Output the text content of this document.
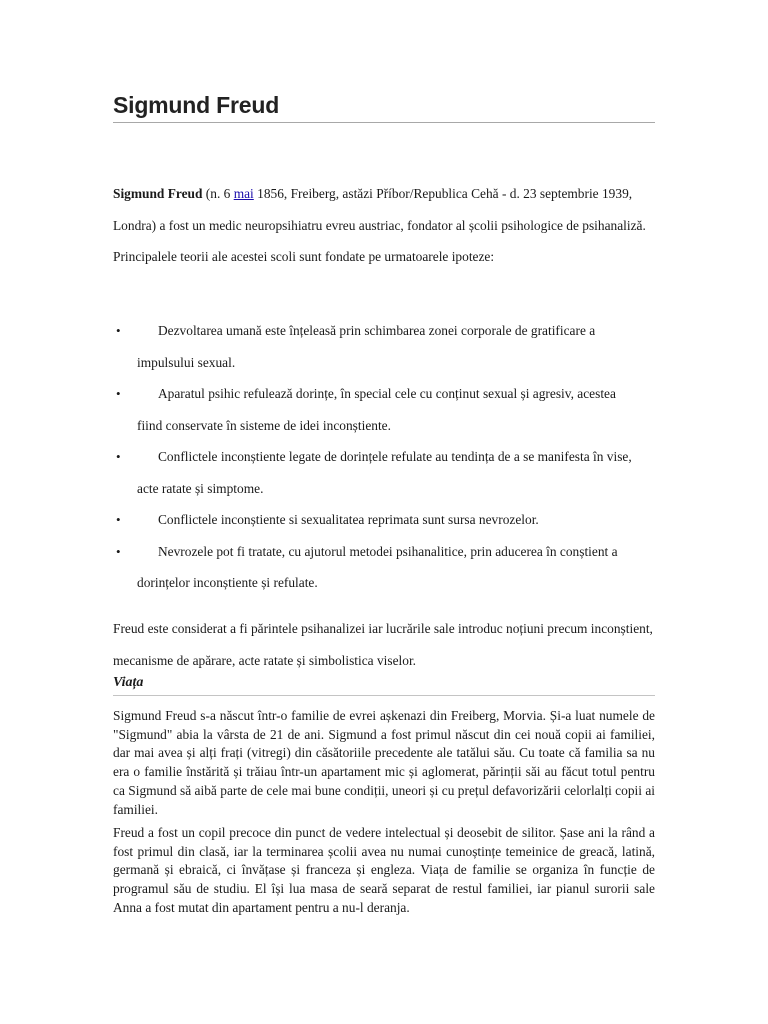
Sigmund Freud

Sigmund Freud (n. 6 mai 1856, Freiberg, astăzi Příbor/Republica Cehă - d. 23 septembrie 1939, Londra) a fost un medic neuropsihiatru evreu austriac, fondator al școlii psihologice de psihanaliză. Principalele teorii ale acestei scoli sunt fondate pe urmatoarele ipoteze:

•	Dezvoltarea umană este înțeleasă prin schimbarea zonei corporale de gratificare a
impulsului sexual.
•	Aparatul psihic refulează dorințe, în special cele cu conținut sexual și agresiv, acestea
fiind conservate în sisteme de idei inconștiente.
•	Conflictele inconștiente legate de dorințele refulate au tendința de a se manifesta în vise,
acte ratate și simptome.
•	Conflictele inconștiente si sexualitatea reprimata sunt sursa nevrozelor.
•	Nevrozele pot fi tratate, cu ajutorul metodei psihanalitice, prin aducerea în conștient a
dorințelor inconștiente și refulate.

Freud este considerat a fi părintele psihanalizei iar lucrările sale introduc noțiuni precum inconștient, mecanisme de apărare, acte ratate și simbolistica viselor.

Viața

Sigmund Freud s-a născut într-o familie de evrei așkenazi din Freiberg, Morvia. Și-a luat numele de "Sigmund" abia la vârsta de 21 de ani. Sigmund a fost primul născut din cei nouă copii ai familiei, dar mai avea și alți frați (vitregi) din căsătoriile precedente ale tatălui său. Cu toate că familia sa nu era o familie înstărită și trăiau într-un apartament mic și aglomerat, părinții săi au făcut totul pentru ca Sigmund să aibă parte de cele mai bune condiții, uneori și cu prețul defavorizării celorlalți copii ai familiei.

Freud a fost un copil precoce din punct de vedere intelectual și deosebit de silitor. Șase ani la rând a fost primul din clasă, iar la terminarea școlii avea nu numai cunoștințe temeinice de greacă, latină, germană și ebraică, ci învățase și franceza și engleza. Viața de familie se organiza în funcție de programul său de studiu. El își lua masa de seară separat de restul familiei, iar pianul surorii sale Anna a fost mutat din apartament pentru a nu-l deranja.
